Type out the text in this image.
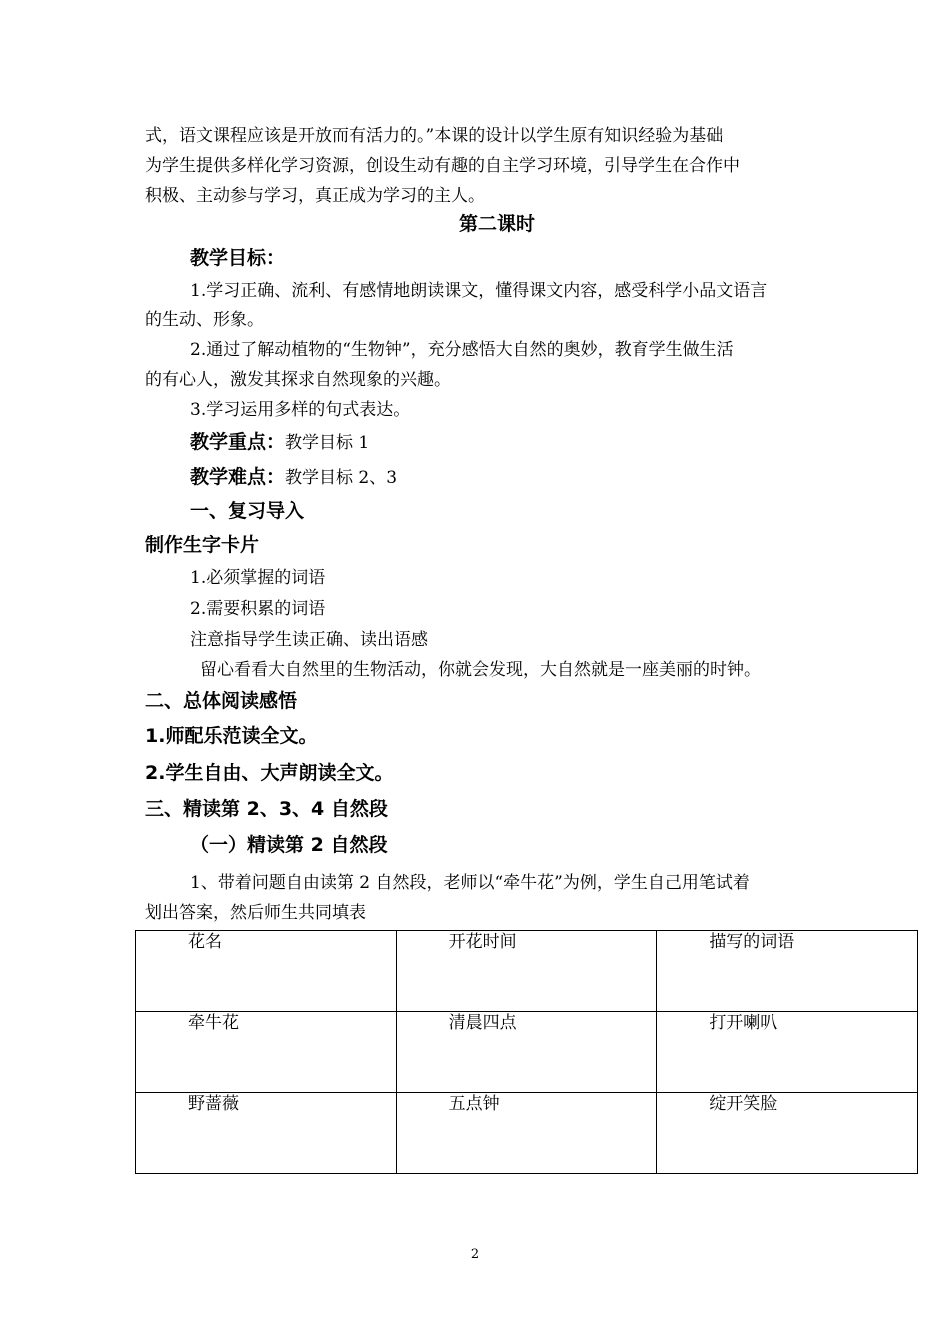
式，语文课程应该是开放而有活力的。”本课的设计以学生原有知识经验为基础
为学生提供多样化学习资源，创设生动有趣的自主学习环境，引导学生在合作中
积极、主动参与学习，真正成为学习的主人。
第二课时
教学目标：
1.学习正确、流利、有感情地朗读课文，懂得课文内容，感受科学小品文语言
的生动、形象。
2.通过了解动植物的“生物钟”，充分感悟大自然的奥妙，教育学生做生活
的有心人，激发其探求自然现象的兴趣。
3.学习运用多样的句式表达。
教学重点：教学目标 1
教学难点：教学目标 2、3
一、复习导入
制作生字卡片
1.必须掌握的词语
2.需要积累的词语
注意指导学生读正确、读出语感
留心看看大自然里的生物活动，你就会发现，大自然就是一座美丽的时钟。
二、总体阅读感悟
1.师配乐范读全文。
2.学生自由、大声朗读全文。
三、精读第 2、3、4 自然段
（一）精读第 2 自然段
1、带着问题自由读第 2 自然段，老师以“牵牛花”为例，学生自己用笔试着
划出答案，然后师生共同填表
花名	开花时间	描写的词语
牵牛花	清晨四点	打开喇叭
野蔷薇	五点钟	绽开笑脸
2
